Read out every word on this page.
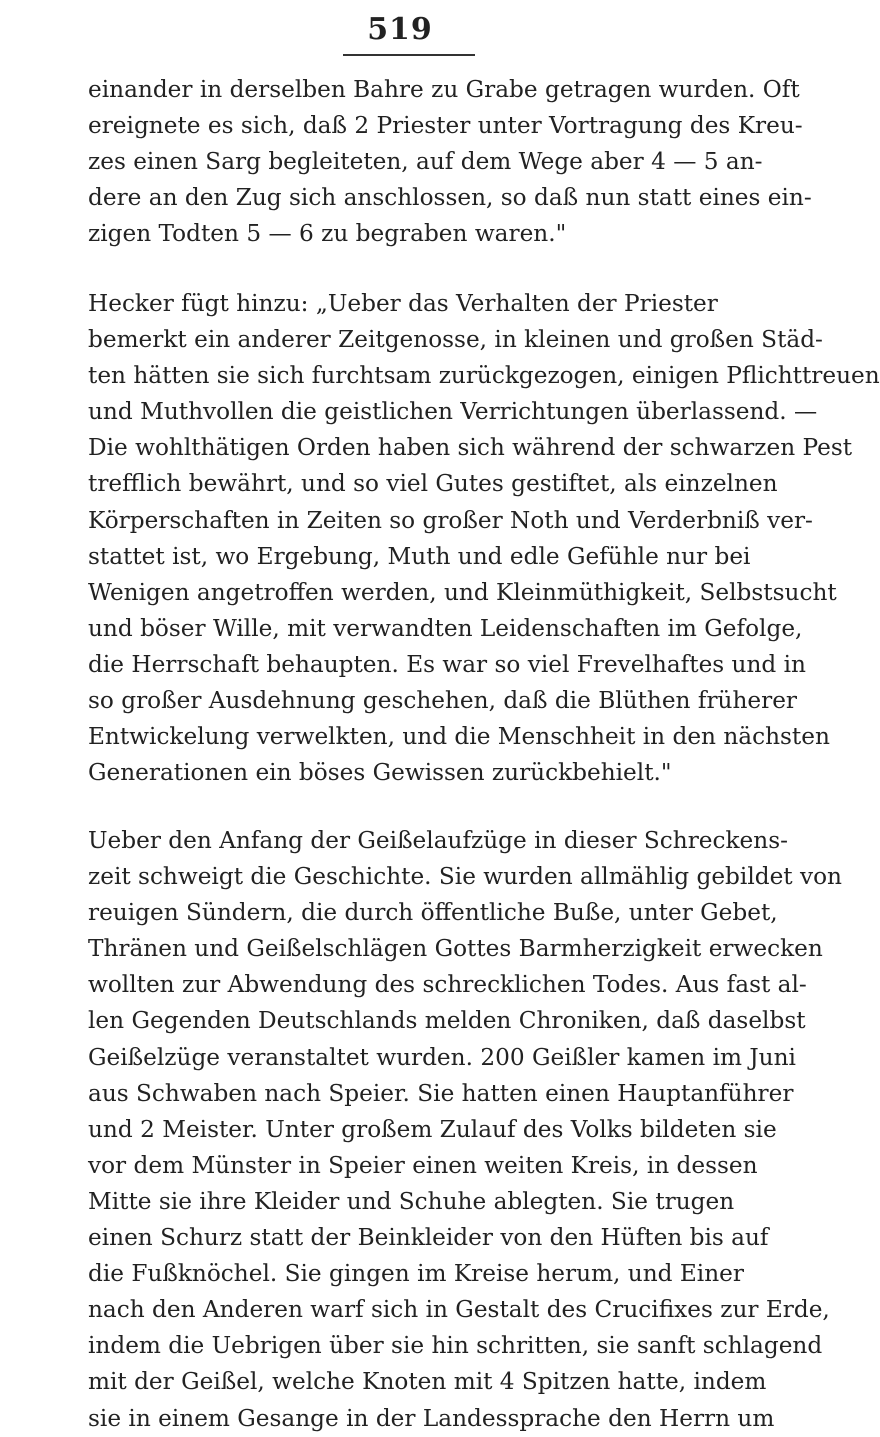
519

einander in derselben Bahre zu Grabe getragen wurden. Oft
ereignete es sich, daß 2 Priester unter Vortragung des Kreu-
zes einen Sarg begleiteten, auf dem Wege aber 4 — 5 an-
dere an den Zug sich anschlossen, so daß nun statt eines ein-
zigen Todten 5 — 6 zu begraben waren."

Hecker fügt hinzu: „Ueber das Verhalten der Priester
bemerkt ein anderer Zeitgenosse, in kleinen und großen Städ-
ten hätten sie sich furchtsam zurückgezogen, einigen Pflichttreuen
und Muthvollen die geistlichen Verrichtungen überlassend. —
Die wohlthätigen Orden haben sich während der schwarzen Pest
trefflich bewährt, und so viel Gutes gestiftet, als einzelnen
Körperschaften in Zeiten so großer Noth und Verderbniß ver-
stattet ist, wo Ergebung, Muth und edle Gefühle nur bei
Wenigen angetroffen werden, und Kleinmüthigkeit, Selbstsucht
und böser Wille, mit verwandten Leidenschaften im Gefolge,
die Herrschaft behaupten. Es war so viel Frevelhaftes und in
so großer Ausdehnung geschehen, daß die Blüthen früherer
Entwickelung verwelkten, und die Menschheit in den nächsten
Generationen ein böses Gewissen zurückbehielt."

Ueber den Anfang der Geißelaufzüge in dieser Schreckens-
zeit schweigt die Geschichte. Sie wurden allmählig gebildet von
reuigen Sündern, die durch öffentliche Buße, unter Gebet,
Thränen und Geißelschlägen Gottes Barmherzigkeit erwecken
wollten zur Abwendung des schrecklichen Todes. Aus fast al-
len Gegenden Deutschlands melden Chroniken, daß daselbst
Geißelzüge veranstaltet wurden. 200 Geißler kamen im Juni
aus Schwaben nach Speier. Sie hatten einen Hauptanführer
und 2 Meister. Unter großem Zulauf des Volks bildeten sie
vor dem Münster in Speier einen weiten Kreis, in dessen
Mitte sie ihre Kleider und Schuhe ablegten. Sie trugen
einen Schurz statt der Beinkleider von den Hüften bis auf
die Fußknöchel. Sie gingen im Kreise herum, und Einer
nach den Anderen warf sich in Gestalt des Crucifixes zur Erde,
indem die Uebrigen über sie hin schritten, sie sanft schlagend
mit der Geißel, welche Knoten mit 4 Spitzen hatte, indem
sie in einem Gesange in der Landessprache den Herrn um
